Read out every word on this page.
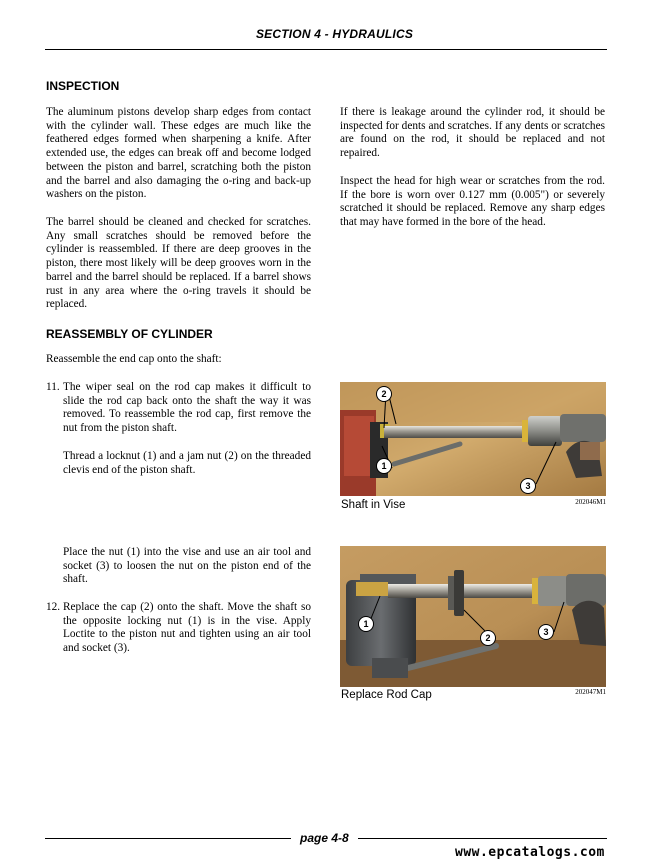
SECTION 4 - HYDRAULICS
INSPECTION

The aluminum pistons develop sharp edges from contact with the cylinder wall. These edges are much like the feathered edges formed when sharpening a knife. After extended use, the edges can break off and become lodged between the piston and barrel, scratching both the piston and the barrel and also damaging the o-ring and back-up washers on the piston.

The barrel should be cleaned and checked for scratches. Any small scratches should be removed before the cylinder is reassembled. If there are deep grooves in the piston, there most likely will be deep grooves worn in the barrel and the barrel should be replaced. If a barrel shows rust in any area where the o-ring travels it should be replaced.

If there is leakage around the cylinder rod, it should be inspected for dents and scratches. If any dents or scratches are found on the rod, it should be replaced and not repaired.

Inspect the head for high wear or scratches from the rod. If the bore is worn over 0.127 mm (0.005") or severely scratched it should be replaced. Remove any sharp edges that may have formed in the bore of the head.

REASSEMBLY OF CYLINDER

Reassemble the end cap onto the shaft:

11. The wiper seal on the rod cap makes it difficult to slide the rod cap back onto the shaft the way it was removed. To reassemble the rod cap, first remove the nut from the piston shaft.

Thread a locknut (1) and a jam nut (2) on the threaded clevis end of the piston shaft.

Place the nut (1) into the vise and use an air tool and socket (3) to loosen the nut on the piston end of the shaft.

12. Replace the cap (2) onto the shaft. Move the shaft so the opposite locking nut (1) is in the vise. Apply Loctite to the piston nut and tighten using an air tool and socket (3).

2
1
3
Shaft in Vise	202046M1
1
2
3
Replace Rod Cap	202047M1
page 4-8
www.epcatalogs.com
